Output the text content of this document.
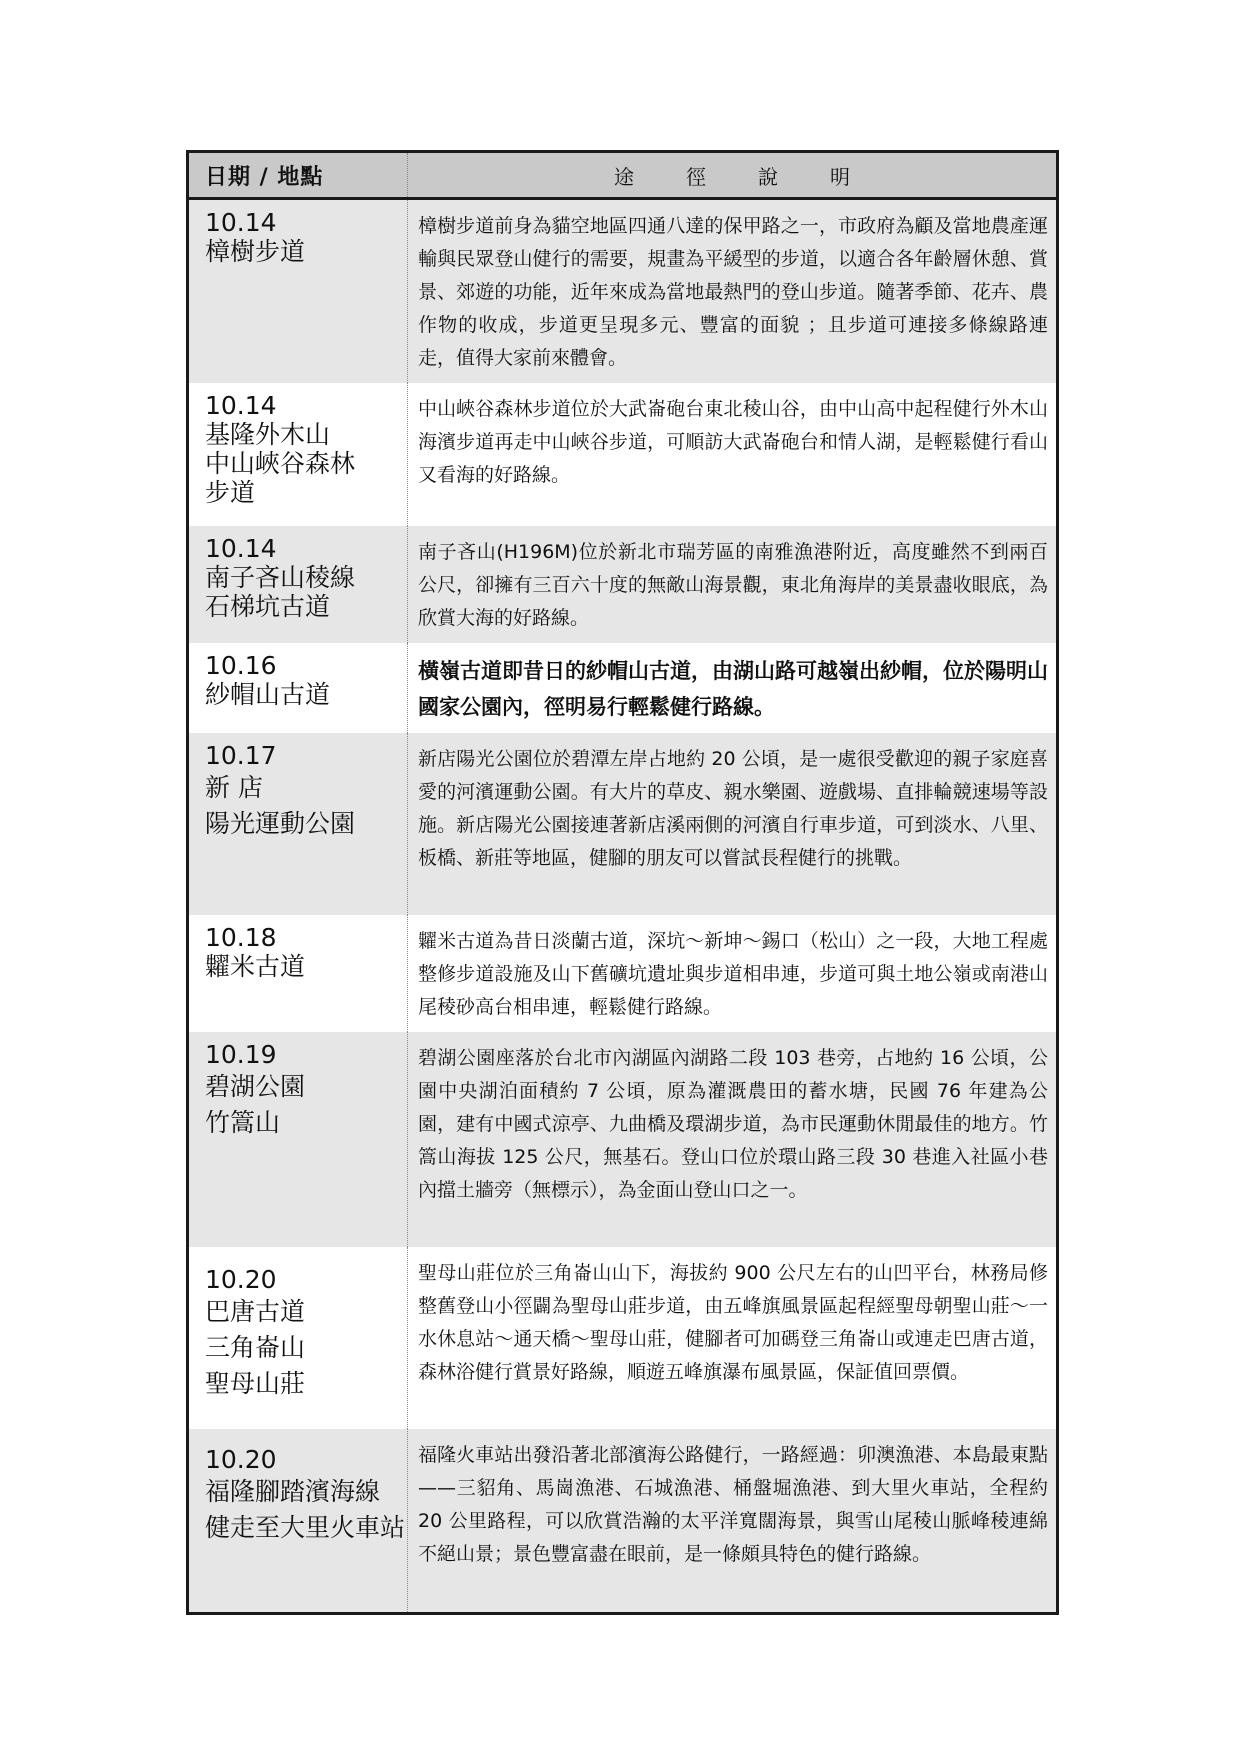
日期 / 地點	途 徑 說 明

10.14
樟樹步道	樟樹步道前身為貓空地區四通八達的保甲路之一，市政府為顧及當地農產運輸與民眾登山健行的需要，規畫為平緩型的步道，以適合各年齡層休憩、賞景、郊遊的功能，近年來成為當地最熱門的登山步道。隨著季節、花卉、農作物的收成，步道更呈現多元、豐富的面貌 ；且步道可連接多條線路連走，值得大家前來體會。

10.14
基隆外木山
中山峽谷森林
步道	中山峽谷森林步道位於大武崙砲台東北稜山谷，由中山高中起程健行外木山海濱步道再走中山峽谷步道，可順訪大武崙砲台和情人湖，是輕鬆健行看山又看海的好路線。

10.14
南子吝山稜線
石梯坑古道	南子吝山(H196M)位於新北市瑞芳區的南雅漁港附近，高度雖然不到兩百公尺，卻擁有三百六十度的無敵山海景觀，東北角海岸的美景盡收眼底，為欣賞大海的好路線。

10.16
紗帽山古道	橫嶺古道即昔日的紗帽山古道，由湖山路可越嶺出紗帽，位於陽明山國家公園內，徑明易行輕鬆健行路線。

10.17
新 店
陽光運動公園	新店陽光公園位於碧潭左岸占地約 20 公頃，是一處很受歡迎的親子家庭喜愛的河濱運動公園。有大片的草皮、親水樂園、遊戲場、直排輪競速場等設施。新店陽光公園接連著新店溪兩側的河濱自行車步道，可到淡水、八里、板橋、新莊等地區，健腳的朋友可以嘗試長程健行的挑戰。

10.18
糶米古道	糶米古道為昔日淡蘭古道，深坑～新坤～錫口（松山）之一段，大地工程處整修步道設施及山下舊礦坑遺址與步道相串連，步道可與土地公嶺或南港山尾稜砂高台相串連，輕鬆健行路線。

10.19
碧湖公園
竹篙山	碧湖公園座落於台北市內湖區內湖路二段 103 巷旁，占地約 16 公頃，公園中央湖泊面積約 7 公頃，原為灌溉農田的蓄水塘，民國 76 年建為公園，建有中國式涼亭、九曲橋及環湖步道，為市民運動休閒最佳的地方。竹篙山海拔 125 公尺，無基石。登山口位於環山路三段 30 巷進入社區小巷內擋土牆旁（無標示），為金面山登山口之一。

10.20
巴唐古道
三角崙山
聖母山莊	聖母山莊位於三角崙山山下，海拔約 900 公尺左右的山凹平台，林務局修整舊登山小徑闢為聖母山莊步道，由五峰旗風景區起程經聖母朝聖山莊～一水休息站～通天橋～聖母山莊，健腳者可加碼登三角崙山或連走巴唐古道，森林浴健行賞景好路線，順遊五峰旗瀑布風景區，保証值回票價。

10.20
福隆腳踏濱海線
健走至大里火車站	福隆火車站出發沿著北部濱海公路健行，一路經過：卯澳漁港、本島最東點——三貂角、馬崗漁港、石城漁港、桶盤堀漁港、到大里火車站，全程約 20 公里路程，可以欣賞浩瀚的太平洋寬闊海景，與雪山尾稜山脈峰稜連綿不絕山景；景色豐富盡在眼前，是一條頗具特色的健行路線。
